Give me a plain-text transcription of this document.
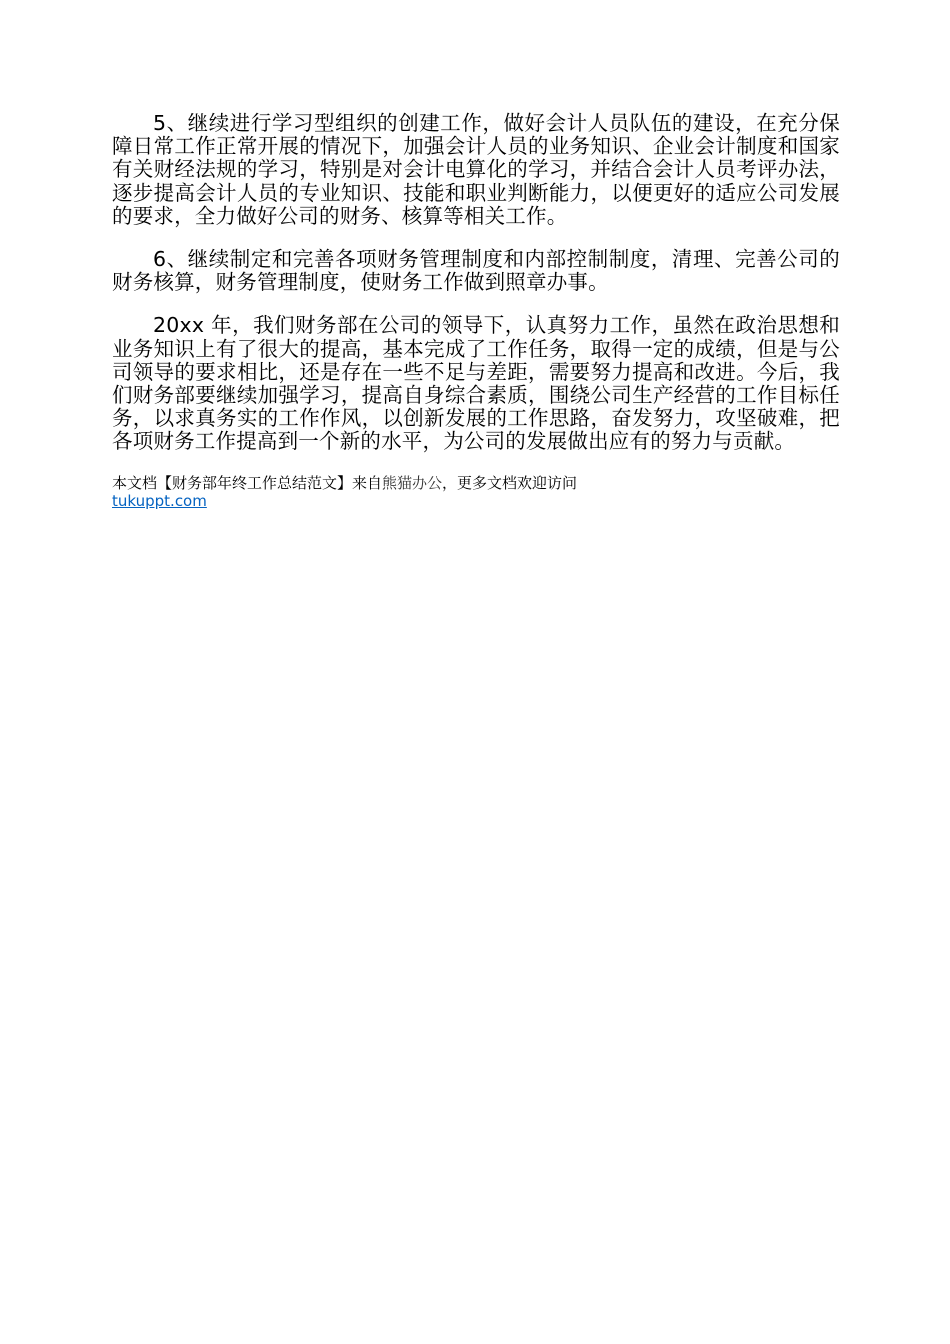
5、继续进行学习型组织的创建工作，做好会计人员队伍的建设，在充分保障日常工作正常开展的情况下，加强会计人员的业务知识、企业会计制度和国家有关财经法规的学习，特别是对会计电算化的学习，并结合会计人员考评办法，逐步提高会计人员的专业知识、技能和职业判断能力，以便更好的适应公司发展的要求，全力做好公司的财务、核算等相关工作。

6、继续制定和完善各项财务管理制度和内部控制制度，清理、完善公司的财务核算，财务管理制度，使财务工作做到照章办事。

20xx 年，我们财务部在公司的领导下，认真努力工作，虽然在政治思想和业务知识上有了很大的提高，基本完成了工作任务，取得一定的成绩，但是与公司领导的要求相比，还是存在一些不足与差距，需要努力提高和改进。今后，我们财务部要继续加强学习，提高自身综合素质，围绕公司生产经营的工作目标任务，以求真务实的工作作风，以创新发展的工作思路，奋发努力，攻坚破难，把各项财务工作提高到一个新的水平，为公司的发展做出应有的努力与贡献。

本文档【财务部年终工作总结范文】来自熊猫办公，更多文档欢迎访问
tukuppt.com
